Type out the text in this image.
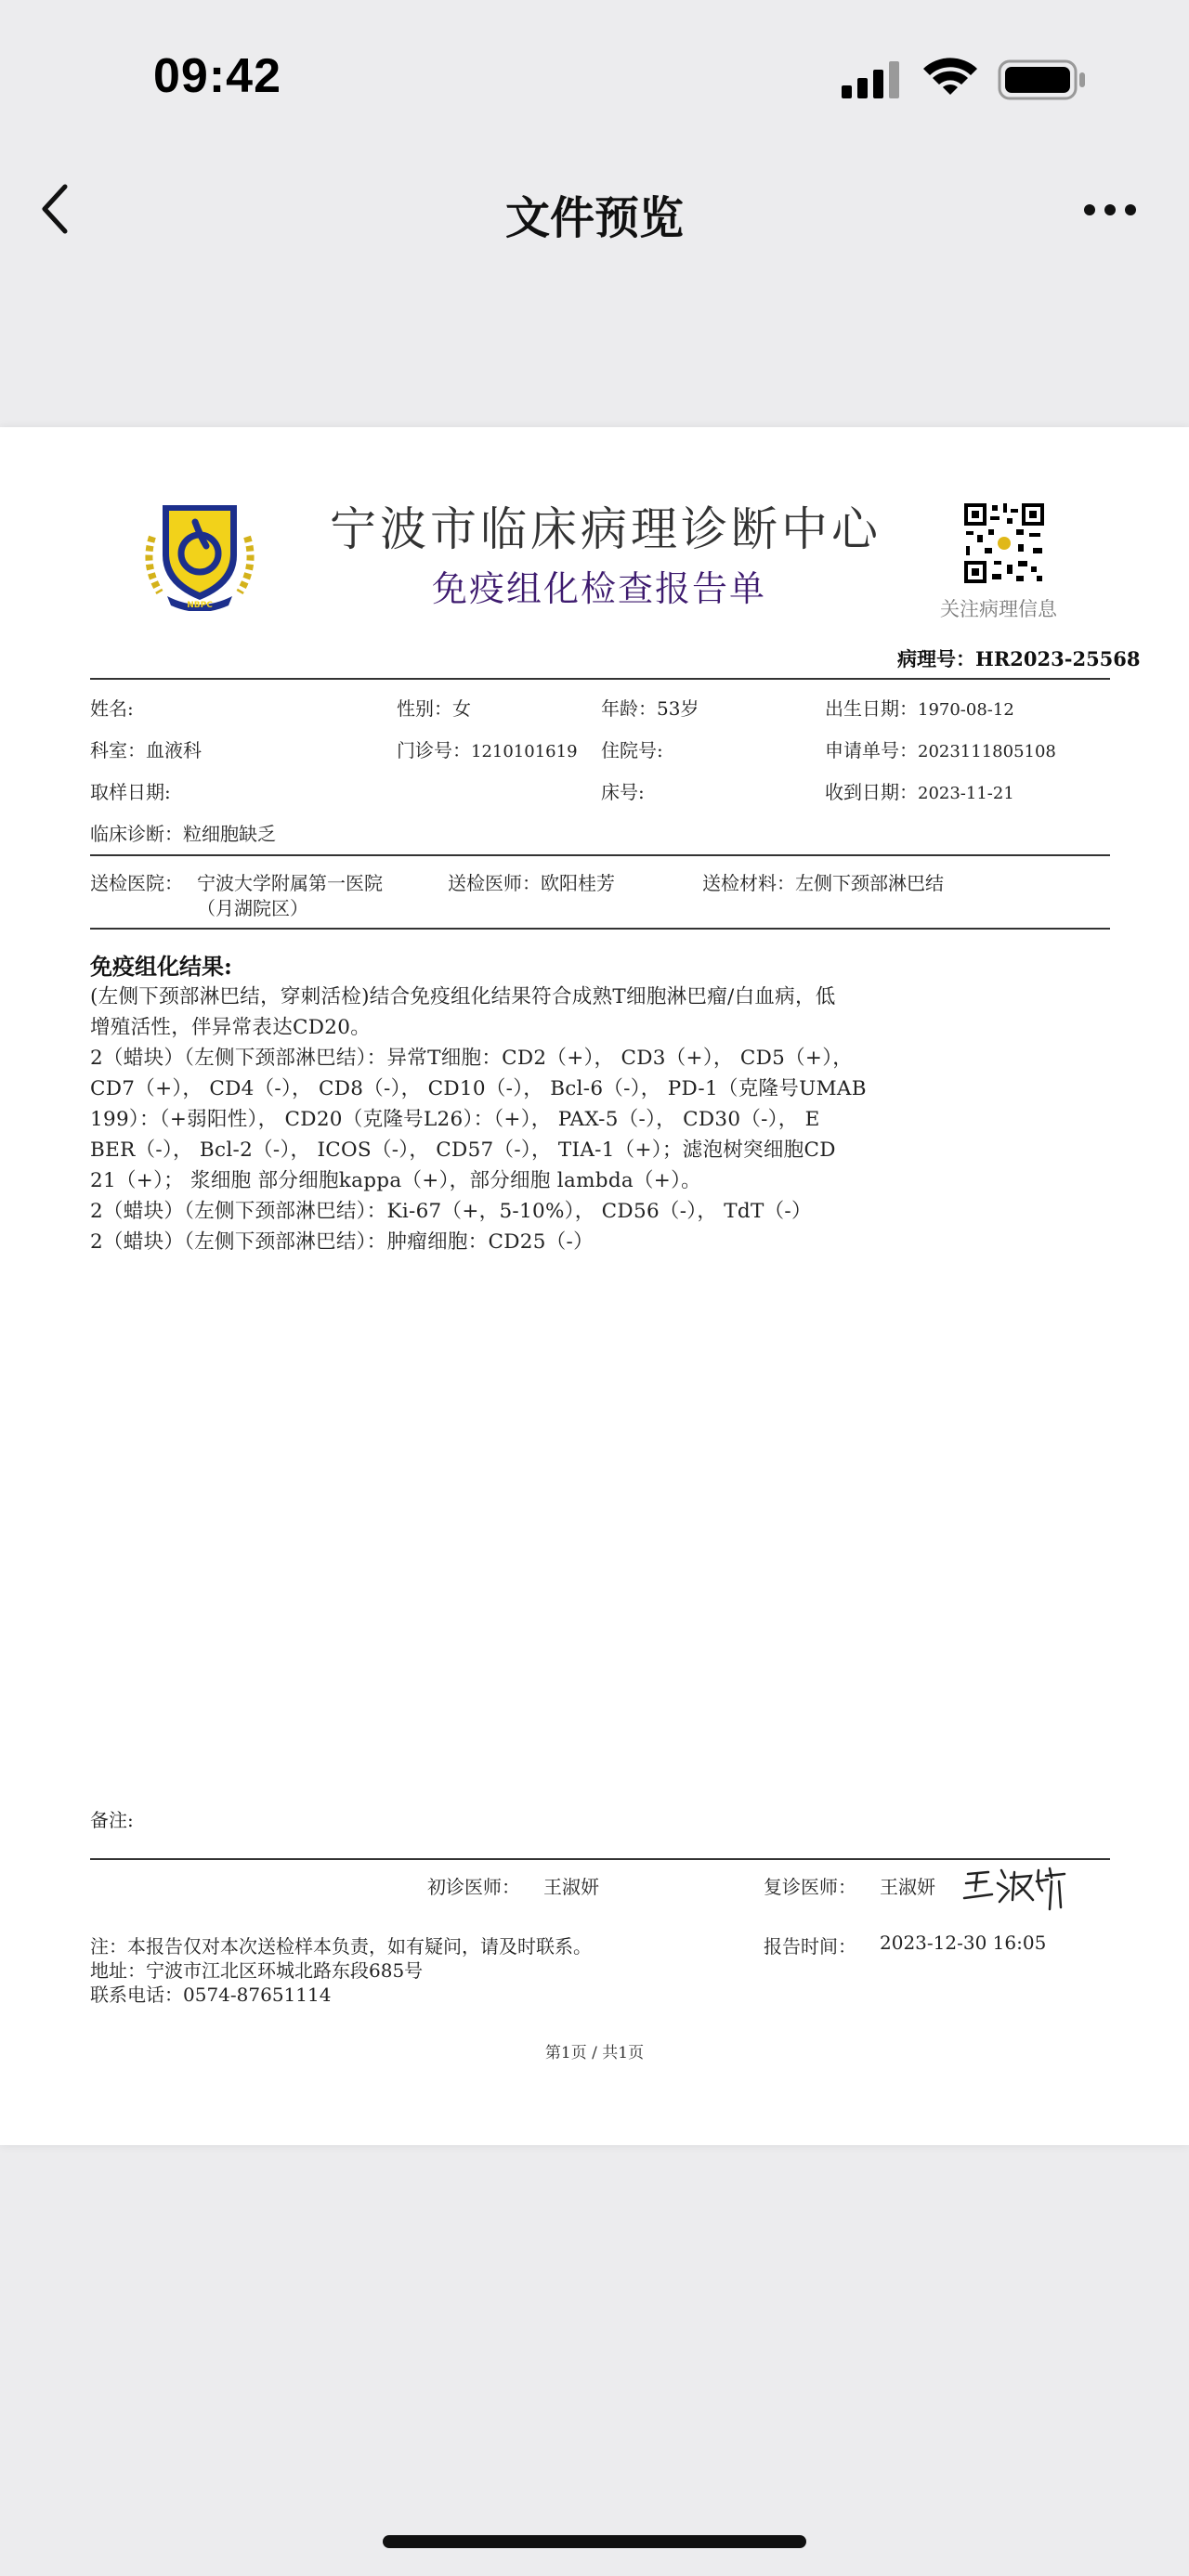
09:42
文件预览
NBPC
宁波市临床病理诊断中心
免疫组化检查报告单	关注病理信息
病理号：HR2023-25568
姓名:	性别：女	年龄：53岁	出生日期：1970-08-12
科室：血液科	门诊号：1210101619 住院号:	申请单号：2023111805108
取样日期:	床号:	收到日期：2023-11-21
临床诊断：粒细胞缺乏
送检医院： 宁波大学附属第一医院
（月湖院区）
送检医师：欧阳桂芳	送检材料：左侧下颈部淋巴结
免疫组化结果:
(左侧下颈部淋巴结，穿刺活检)结合免疫组化结果符合成熟T细胞淋巴瘤/白血病，低
增殖活性，伴异常表达CD20。
2（蜡块）（左侧下颈部淋巴结）：异常T细胞：CD2（+）， CD3（+）， CD5（+），
CD7（+）， CD4（-）， CD8（-）， CD10（-）， Bcl-6（-）， PD-1（克隆号UMAB
199）：（+弱阳性）， CD20（克隆号L26）：（+）， PAX-5（-）， CD30（-）， E
BER（-）， Bcl-2（-）， ICOS（-）， CD57（-）， TIA-1（+）；滤泡树突细胞CD
21（+）； 浆细胞 部分细胞kappa（+），部分细胞 lambda（+）。
2（蜡块）（左侧下颈部淋巴结）：Ki-67（+，5-10%）， CD56（-）， TdT（-）
2（蜡块）（左侧下颈部淋巴结）：肿瘤细胞：CD25（-）
备注:
初诊医师： 王淑妍	复诊医师： 王淑妍
注：本报告仅对本次送检样本负责，如有疑问，请及时联系。
地址：宁波市江北区环城北路东段685号
联系电话：0574-87651114
报告时间： 2023-12-30 16:05
第1页 / 共1页
